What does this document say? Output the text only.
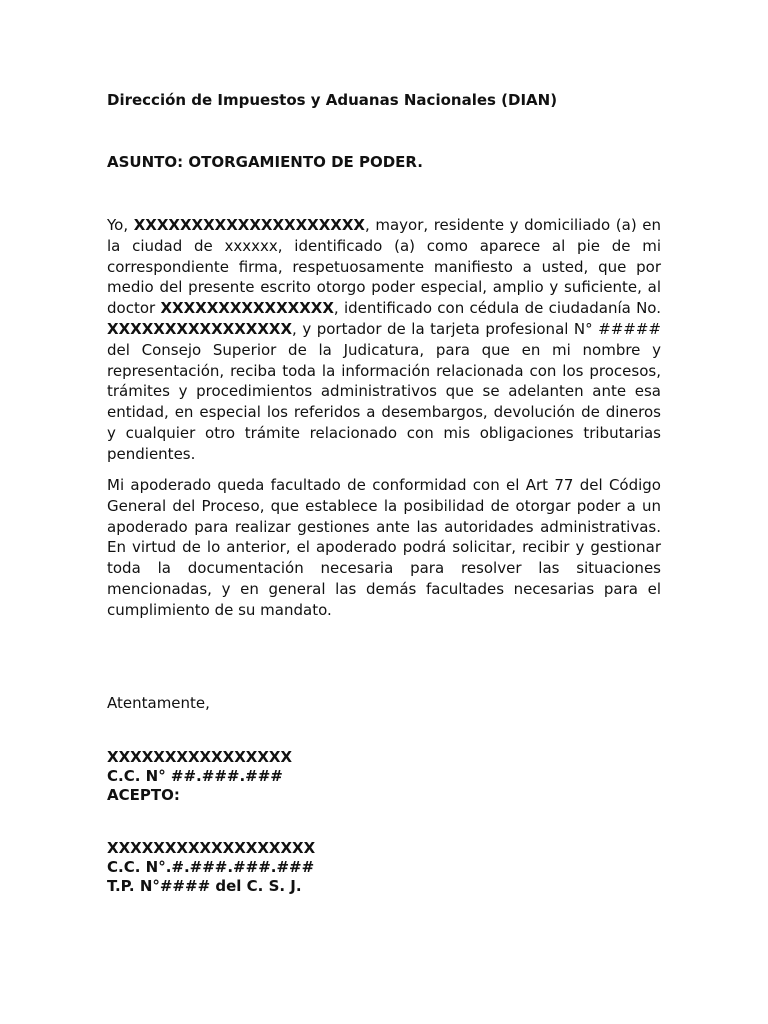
Dirección de Impuestos y Aduanas Nacionales (DIAN)
ASUNTO: OTORGAMIENTO DE PODER.

Yo, XXXXXXXXXXXXXXXXXXXX, mayor, residente y domiciliado (a) en la ciudad de xxxxxx, identificado (a) como aparece al pie de mi correspondiente firma, respetuosamente manifiesto a usted, que por medio del presente escrito otorgo poder especial, amplio y suficiente, al doctor XXXXXXXXXXXXXXX, identificado con cédula de ciudadanía No. XXXXXXXXXXXXXXXX, y portador de la tarjeta profesional N° ##### del Consejo Superior de la Judicatura, para que en mi nombre y representación, reciba toda la información relacionada con los procesos, trámites y procedimientos administrativos que se adelanten ante esa entidad, en especial los referidos a desembargos, devolución de dineros y cualquier otro trámite relacionado con mis obligaciones tributarias pendientes.

Mi apoderado queda facultado de conformidad con el Art 77 del Código General del Proceso, que establece la posibilidad de otorgar poder a un apoderado para realizar gestiones ante las autoridades administrativas. En virtud de lo anterior, el apoderado podrá solicitar, recibir y gestionar toda la documentación necesaria para resolver las situaciones mencionadas, y en general las demás facultades necesarias para el cumplimiento de su mandato.

Atentamente,
XXXXXXXXXXXXXXXX
C.C. N° ##.###.###
ACEPTO:
XXXXXXXXXXXXXXXXXX
C.C. N°.#.###.###.###
T.P. N°#### del C. S. J.
